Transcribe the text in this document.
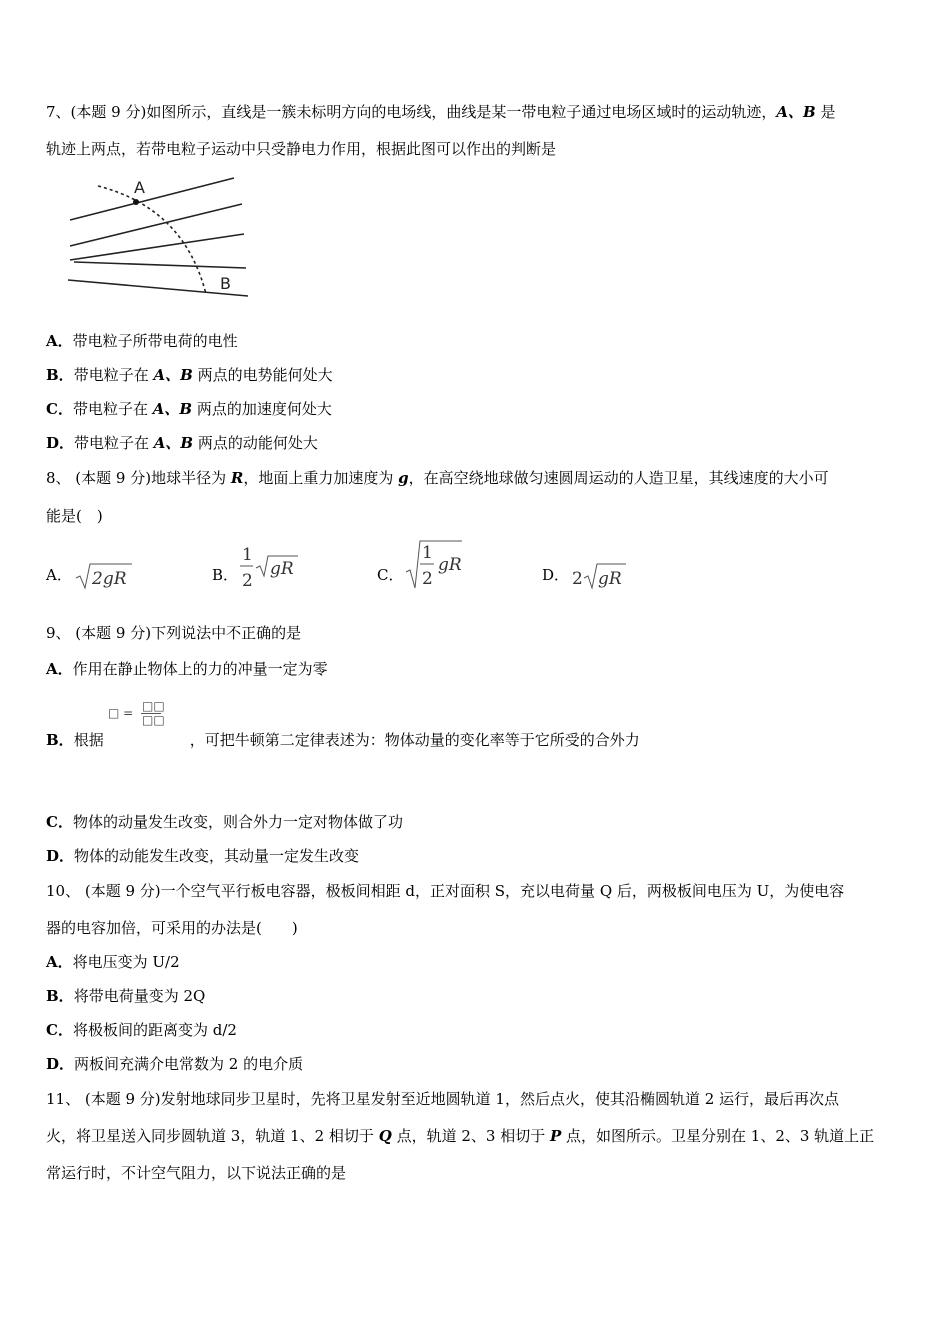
7、(本题 9 分)如图所示，直线是一簇未标明方向的电场线，曲线是某一带电粒子通过电场区域时的运动轨迹，A、B 是
轨迹上两点，若带电粒子运动中只受静电力作用，根据此图可以作出的判断是
A
B
A．带电粒子所带电荷的电性
B．带电粒子在 A、B 两点的电势能何处大
C．带电粒子在 A、B 两点的加速度何处大
D．带电粒子在 A、B 两点的动能何处大
8、 (本题 9 分)地球半径为 R，地面上重力加速度为 g，在高空绕地球做匀速圆周运动的人造卫星，其线速度的大小可
能是(　)
A． 2gR	B．
1
2
gR	C．
1
2
gR	D． 2 gR
9、 (本题 9 分)下列说法中不正确的是
A．作用在静止物体上的力的冲量一定为零
□ = □□
□□
B．根据	，可把牛顿第二定律表述为：物体动量的变化率等于它所受的合外力
C．物体的动量发生改变，则合外力一定对物体做了功
D．物体的动能发生改变，其动量一定发生改变
10、 (本题 9 分)一个空气平行板电容器，极板间相距 d，正对面积 S，充以电荷量 Q 后，两极板间电压为 U，为使电容
器的电容加倍，可采用的办法是(　　)
A．将电压变为 U/2
B．将带电荷量变为 2Q
C．将极板间的距离变为 d/2
D．两板间充满介电常数为 2 的电介质
11、 (本题 9 分)发射地球同步卫星时，先将卫星发射至近地圆轨道 1，然后点火，使其沿椭圆轨道 2 运行，最后再次点
火，将卫星送入同步圆轨道 3，轨道 1、2 相切于 Q 点，轨道 2、3 相切于 P 点，如图所示。卫星分别在 1、2、3 轨道上正
常运行时，不计空气阻力，以下说法正确的是
